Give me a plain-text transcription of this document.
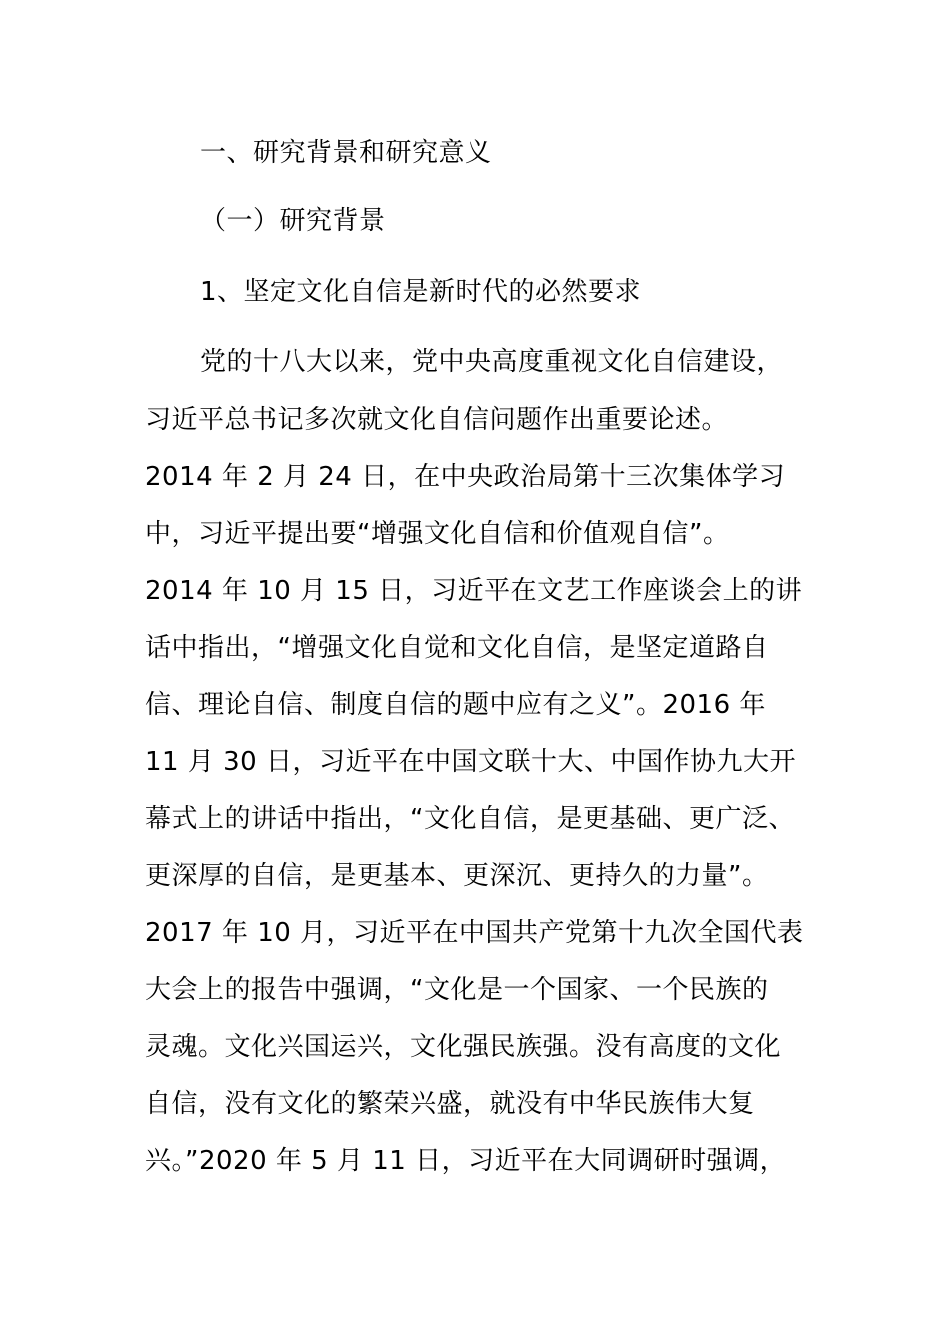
一、研究背景和研究意义
（一）研究背景
1、坚定文化自信是新时代的必然要求
党的十八大以来，党中央高度重视文化自信建设，
习近平总书记多次就文化自信问题作出重要论述。
2014 年 2 月 24 日，在中央政治局第十三次集体学习
中，习近平提出要“增强文化自信和价值观自信”。
2014 年 10 月 15 日，习近平在文艺工作座谈会上的讲
话中指出，“增强文化自觉和文化自信，是坚定道路自
信、理论自信、制度自信的题中应有之义”。2016 年
11 月 30 日，习近平在中国文联十大、中国作协九大开
幕式上的讲话中指出，“文化自信，是更基础、更广泛、
更深厚的自信，是更基本、更深沉、更持久的力量”。
2017 年 10 月，习近平在中国共产党第十九次全国代表
大会上的报告中强调，“文化是一个国家、一个民族的
灵魂。文化兴国运兴，文化强民族强。没有高度的文化
自信，没有文化的繁荣兴盛，就没有中华民族伟大复
兴。”2020 年 5 月 11 日，习近平在大同调研时强调，
